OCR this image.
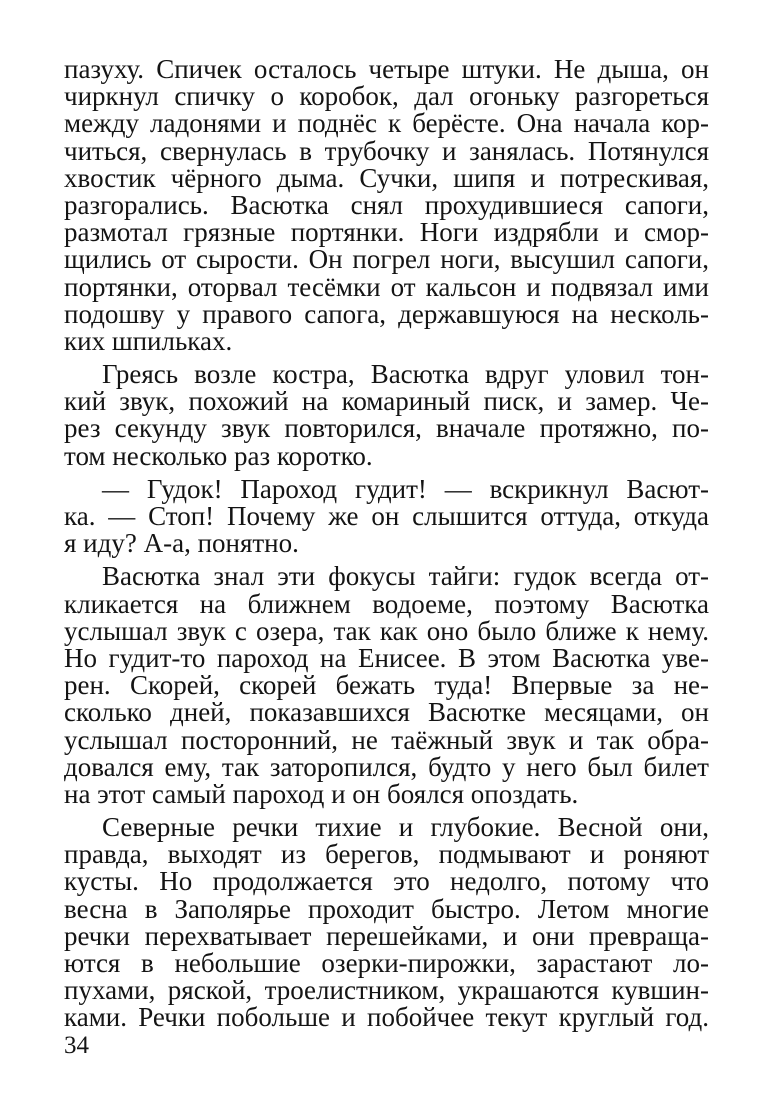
пазуху. Спичек осталось четыре штуки. Не дыша, он
чиркнул спичку о коробок, дал огоньку разгореться
между ладонями и поднёс к берёсте. Она начала кор-
читься, свернулась в трубочку и занялась. Потянулся
хвостик чёрного дыма. Сучки, шипя и потрескивая,
разгорались. Васютка снял прохудившиеся сапоги,
размотал грязные портянки. Ноги издрябли и смор-
щились от сырости. Он погрел ноги, высушил сапоги,
портянки, оторвал тесёмки от кальсон и подвязал ими
подошву у правого сапога, державшуюся на несколь-
ких шпильках.
Греясь возле костра, Васютка вдруг уловил тон-
кий звук, похожий на комариный писк, и замер. Че-
рез секунду звук повторился, вначале протяжно, по-
том несколько раз коротко.
— Гудок! Пароход гудит! — вскрикнул Васют-
ка. — Стоп! Почему же он слышится оттуда, откуда
я иду? А-а, понятно.
Васютка знал эти фокусы тайги: гудок всегда от-
кликается на ближнем водоеме, поэтому Васютка
услышал звук с озера, так как оно было ближе к нему.
Но гудит-то пароход на Енисее. В этом Васютка уве-
рен. Скорей, скорей бежать туда! Впервые за не-
сколько дней, показавшихся Васютке месяцами, он
услышал посторонний, не таёжный звук и так обра-
довался ему, так заторопился, будто у него был билет
на этот самый пароход и он боялся опоздать.
Северные речки тихие и глубокие. Весной они,
правда, выходят из берегов, подмывают и роняют
кусты. Но продолжается это недолго, потому что
весна в Заполярье проходит быстро. Летом многие
речки перехватывает перешейками, и они превраща-
ются в небольшие озерки-пирожки, зарастают ло-
пухами, ряской, троелистником, украшаются кувшин-
ками. Речки побольше и побойчее текут круглый год.
34
